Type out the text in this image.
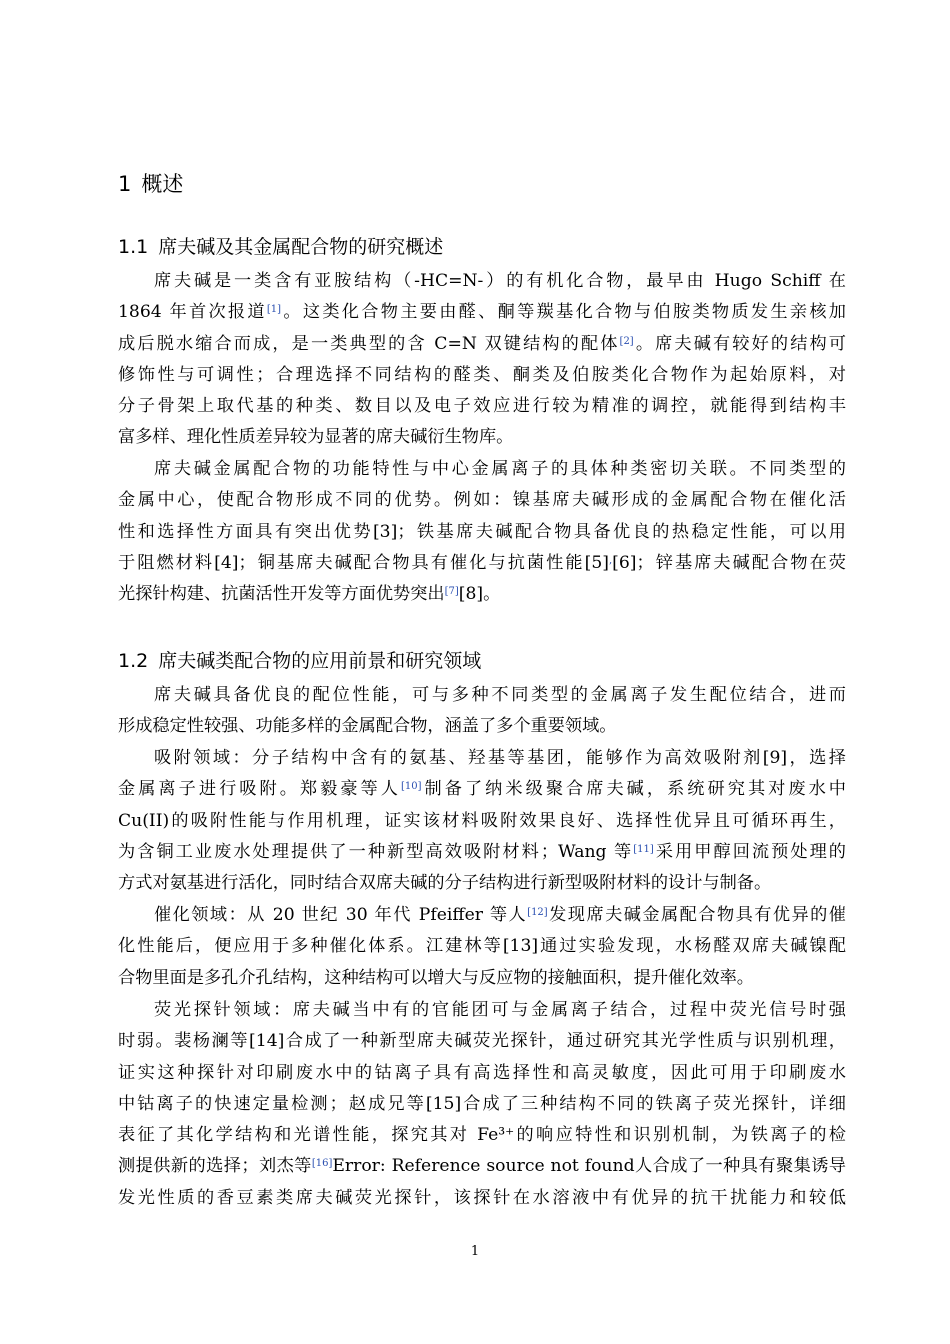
1 概述
1.1 席夫碱及其金属配合物的研究概述
席夫碱是一类含有亚胺结构（-HC=N-）的有机化合物，最早由 Hugo Schiff 在
1864 年首次报道[1]。这类化合物主要由醛、酮等羰基化合物与伯胺类物质发生亲核加
成后脱水缩合而成，是一类典型的含 C=N 双键结构的配体[2]。席夫碱有较好的结构可
修饰性与可调性；合理选择不同结构的醛类、酮类及伯胺类化合物作为起始原料，对
分子骨架上取代基的种类、数目以及电子效应进行较为精准的调控，就能得到结构丰
富多样、理化性质差异较为显著的席夫碱衍生物库。
席夫碱金属配合物的功能特性与中心金属离子的具体种类密切关联。不同类型的
金属中心，使配合物形成不同的优势。例如：镍基席夫碱形成的金属配合物在催化活
性和选择性方面具有突出优势[3]；铁基席夫碱配合物具备优良的热稳定性能，可以用
于阻燃材料[4]；铜基席夫碱配合物具有催化与抗菌性能[5],[6]；锌基席夫碱配合物在荧
光探针构建、抗菌活性开发等方面优势突出[7][8]。
1.2 席夫碱类配合物的应用前景和研究领域
席夫碱具备优良的配位性能，可与多种不同类型的金属离子发生配位结合，进而
形成稳定性较强、功能多样的金属配合物，涵盖了多个重要领域。
吸附领域：分子结构中含有的氨基、羟基等基团，能够作为高效吸附剂[9]，选择
金属离子进行吸附。郑毅豪等人[10]制备了纳米级聚合席夫碱，系统研究其对废水中
Cu(II)的吸附性能与作用机理，证实该材料吸附效果良好、选择性优异且可循环再生，
为含铜工业废水处理提供了一种新型高效吸附材料；Wang 等[11]采用甲醇回流预处理的
方式对氨基进行活化，同时结合双席夫碱的分子结构进行新型吸附材料的设计与制备。
催化领域：从 20 世纪 30 年代 Pfeiffer 等人[12]发现席夫碱金属配合物具有优异的催
化性能后，便应用于多种催化体系。江建林等[13]通过实验发现，水杨醛双席夫碱镍配
合物里面是多孔介孔结构，这种结构可以增大与反应物的接触面积，提升催化效率。
荧光探针领域：席夫碱当中有的官能团可与金属离子结合，过程中荧光信号时强
时弱。裴杨澜等[14]合成了一种新型席夫碱荧光探针，通过研究其光学性质与识别机理，
证实这种探针对印刷废水中的钴离子具有高选择性和高灵敏度，因此可用于印刷废水
中钴离子的快速定量检测；赵成兄等[15]合成了三种结构不同的铁离子荧光探针，详细
表征了其化学结构和光谱性能，探究其对 Fe³⁺的响应特性和识别机制，为铁离子的检
测提供新的选择；刘杰等[16]Error: Reference source not found人合成了一种具有聚集诱导
发光性质的香豆素类席夫碱荧光探针，该探针在水溶液中有优异的抗干扰能力和较低
1
